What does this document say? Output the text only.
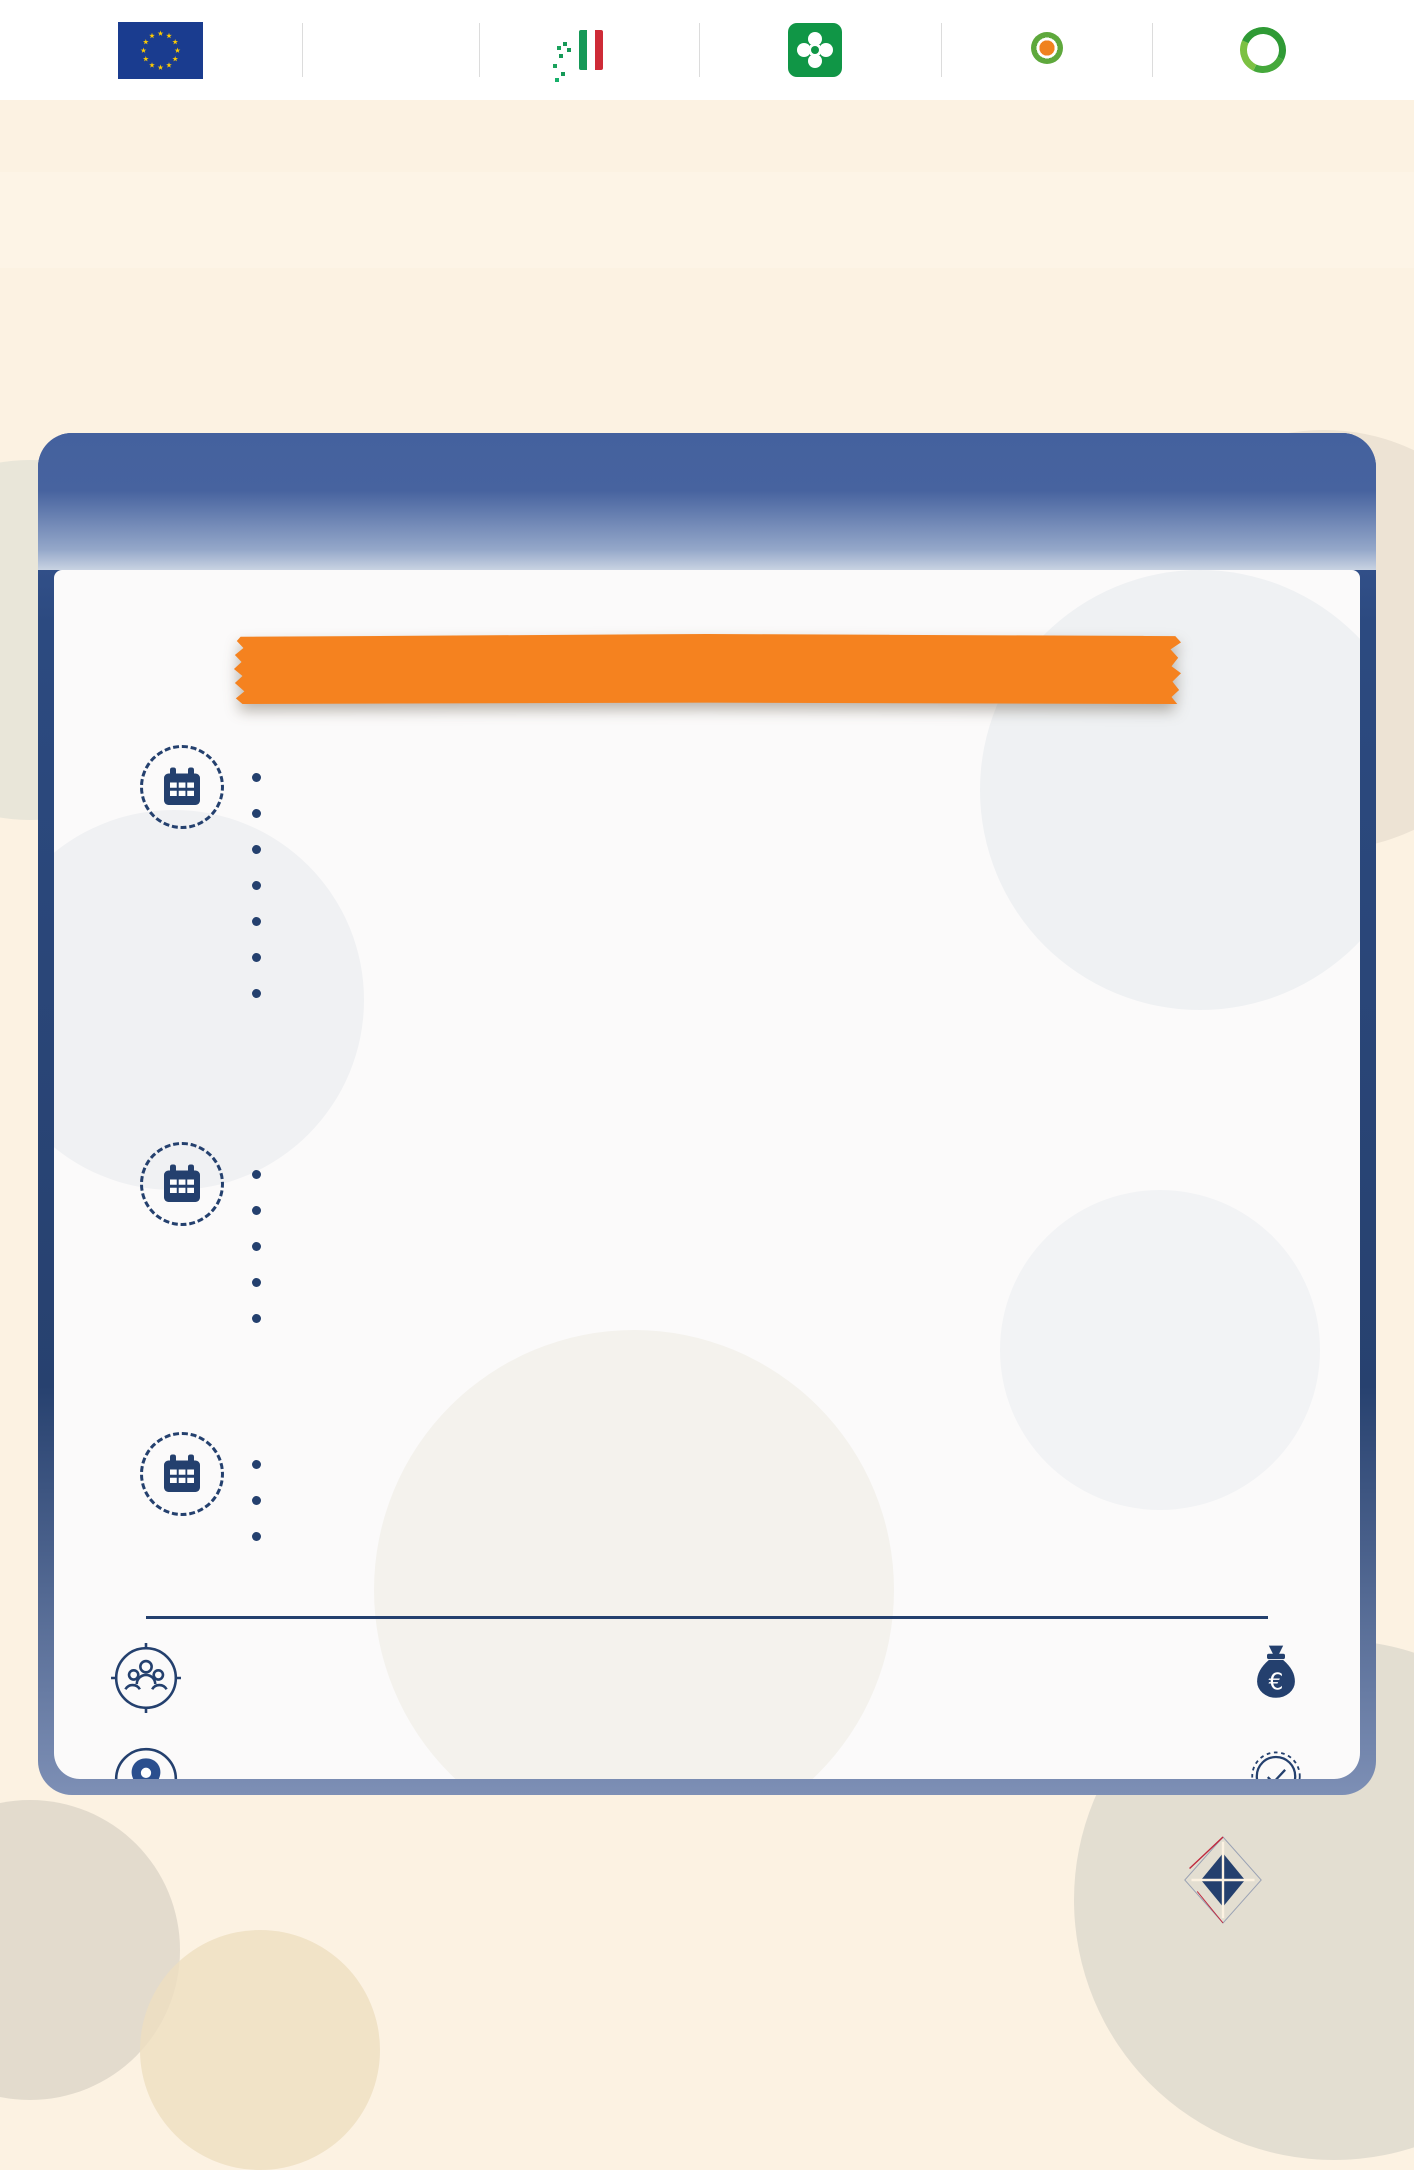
€
